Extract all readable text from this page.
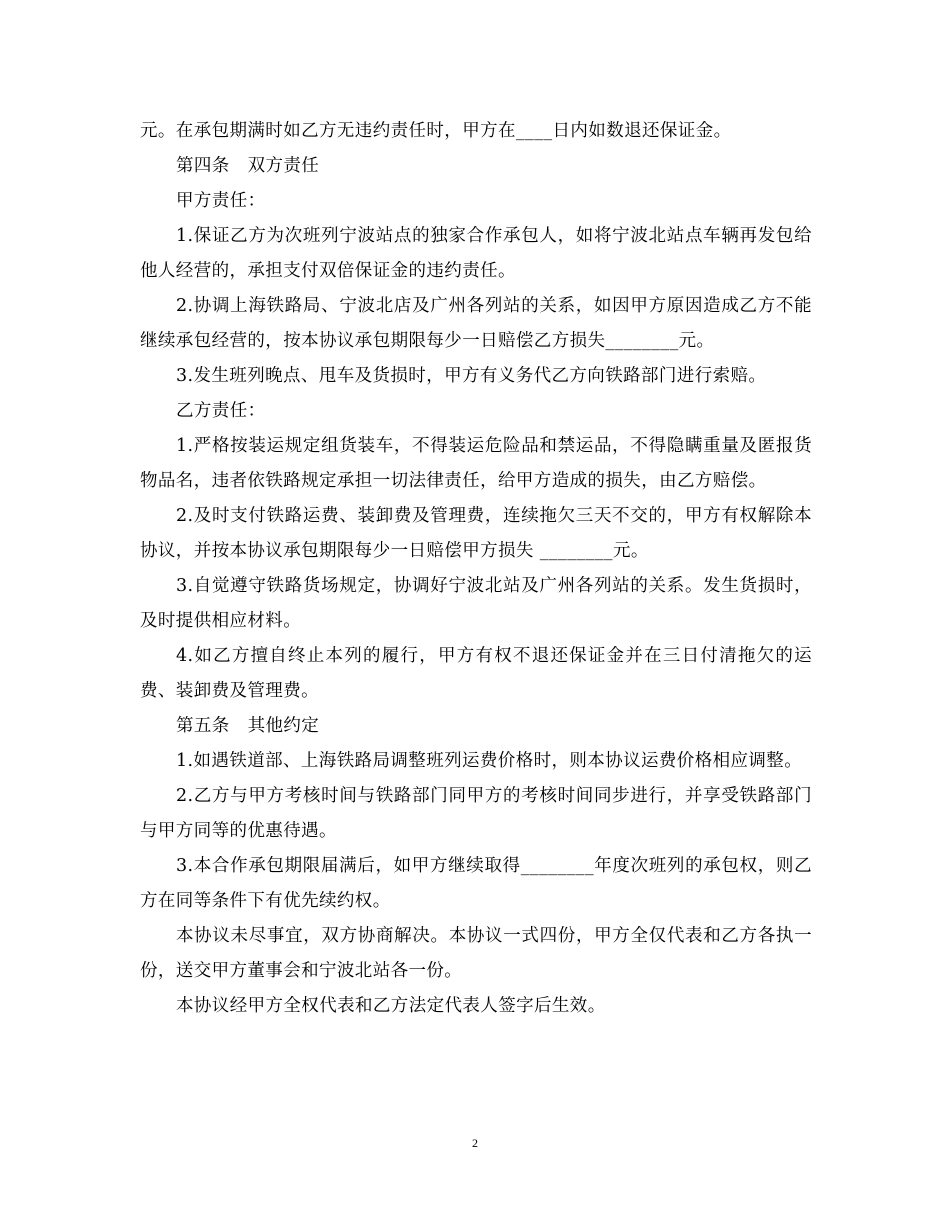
元。在承包期满时如乙方无违约责任时，甲方在____日内如数退还保证金。

第四条　双方责任

甲方责任：

1.保证乙方为次班列宁波站点的独家合作承包人，如将宁波北站点车辆再发包给他人经营的，承担支付双倍保证金的违约责任。

2.协调上海铁路局、宁波北店及广州各列站的关系，如因甲方原因造成乙方不能继续承包经营的，按本协议承包期限每少一日赔偿乙方损失________元。

3.发生班列晚点、甩车及货损时，甲方有义务代乙方向铁路部门进行索赔。

乙方责任：

1.严格按装运规定组货装车，不得装运危险品和禁运品，不得隐瞒重量及匿报货物品名，违者依铁路规定承担一切法律责任，给甲方造成的损失，由乙方赔偿。

2.及时支付铁路运费、装卸费及管理费，连续拖欠三天不交的，甲方有权解除本协议，并按本协议承包期限每少一日赔偿甲方损失 ________元。

3.自觉遵守铁路货场规定，协调好宁波北站及广州各列站的关系。发生货损时，及时提供相应材料。

4.如乙方擅自终止本列的履行，甲方有权不退还保证金并在三日付清拖欠的运费、装卸费及管理费。

第五条　其他约定

1.如遇铁道部、上海铁路局调整班列运费价格时，则本协议运费价格相应调整。

2.乙方与甲方考核时间与铁路部门同甲方的考核时间同步进行，并享受铁路部门与甲方同等的优惠待遇。

3.本合作承包期限届满后，如甲方继续取得________年度次班列的承包权，则乙方在同等条件下有优先续约权。

本协议未尽事宜，双方协商解决。本协议一式四份，甲方全仅代表和乙方各执一份，送交甲方董事会和宁波北站各一份。

本协议经甲方全权代表和乙方法定代表人签字后生效。

2
